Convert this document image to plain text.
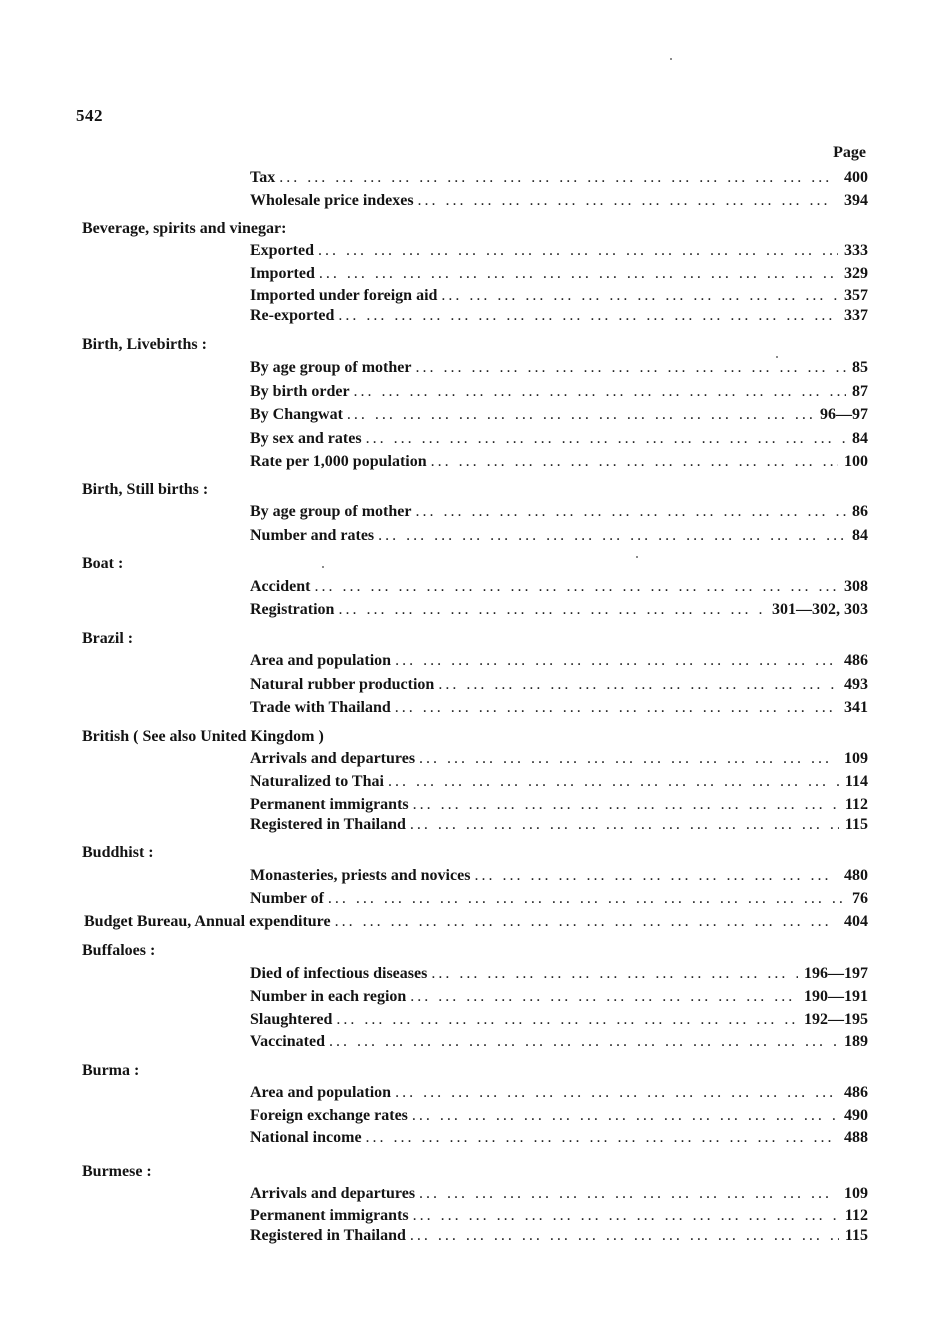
542
Page
Tax ... .	400
Wholesale price indexes ... .	394
Beverage, spirits and vinegar:
Exported ... .	333
Imported ... .	329
Imported under foreign aid ... .	357
Re-exported ... .	337
Birth, Livebirths :
By age group of mother ... .	85
By birth order ... .	87
By Changwat ... .	96—97
By sex and rates ... .	84
Rate per 1,000 population ... .	100
Birth, Still births :
By age group of mother ... .	86
Number and rates ... .	84
Boat :
Accident ... .	308
Registration ... .	301—302, 303
Brazil :
Area and population ... .	486
Natural rubber production ... .	493
Trade with Thailand ... .	341
British ( See also United Kingdom )
Arrivals and departures ... .	109
Naturalized to Thai ... .	114
Permanent immigrants ... .	112
Registered in Thailand ... .	115
Buddhist :
Monasteries, priests and novices ... .	480
Number of ... .	76
Budget Bureau, Annual expenditure ... .	404
Buffaloes :
Died of infectious diseases ... .	196—197
Number in each region ... .	190—191
Slaughtered ... .	192—195
Vaccinated ... .	189
Burma :
Area and population ... .	486
Foreign exchange rates ... .	490
National income ... .	488
Burmese :
Arrivals and departures ... .	109
Permanent immigrants ... .	112
Registered in Thailand ... .	115
